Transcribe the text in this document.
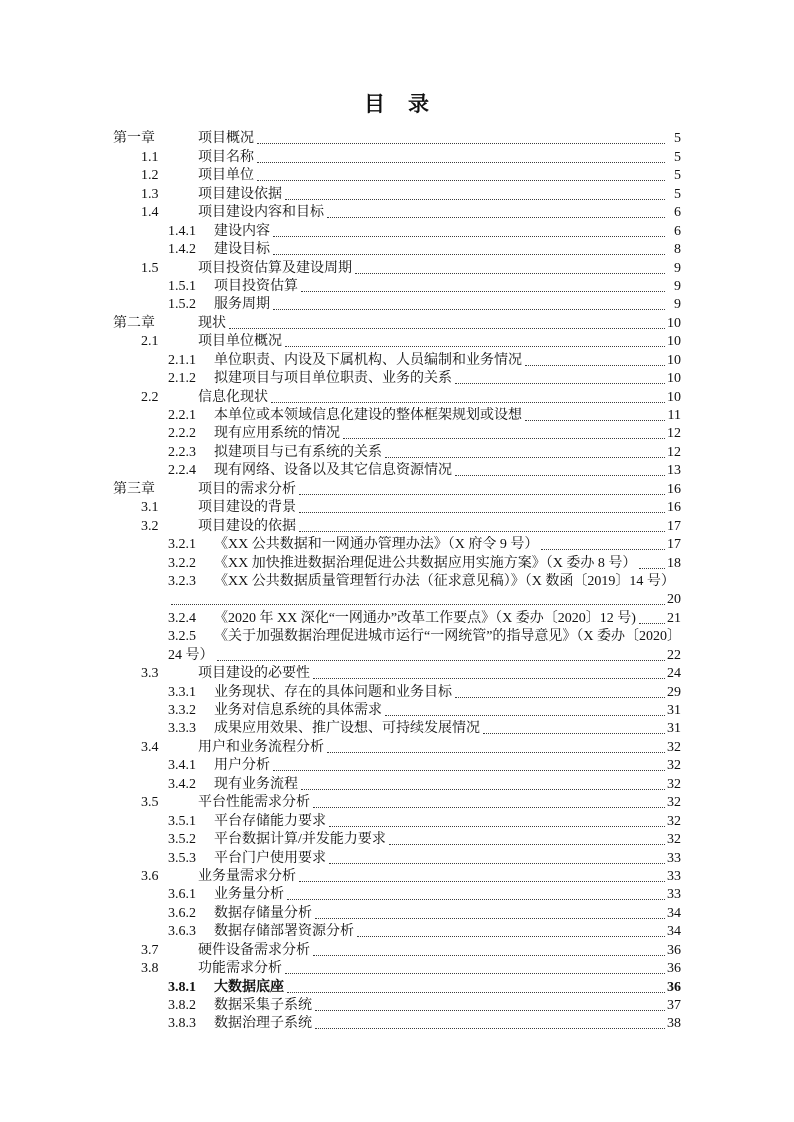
目　录
第一章	项目概况	5
1.1	项目名称	5
1.2	项目单位	5
1.3	项目建设依据	5
1.4	项目建设内容和目标	6
1.4.1	建设内容	6
1.4.2	建设目标	8
1.5	项目投资估算及建设周期	9
1.5.1	项目投资估算	9
1.5.2	服务周期	9
第二章	现状	10
2.1	项目单位概况	10
2.1.1	单位职责、内设及下属机构、人员编制和业务情况	10
2.1.2	拟建项目与项目单位职责、业务的关系	10
2.2	信息化现状	10
2.2.1	本单位或本领域信息化建设的整体框架规划或设想	11
2.2.2	现有应用系统的情况	12
2.2.3	拟建项目与已有系统的关系	12
2.2.4	现有网络、设备以及其它信息资源情况	13
第三章	项目的需求分析	16
3.1	项目建设的背景	16
3.2	项目建设的依据	17
3.2.1	《XX 公共数据和一网通办管理办法》（X 府令 9 号）	17
3.2.2	《XX 加快推进数据治理促进公共数据应用实施方案》（X 委办 8 号） 18
3.2.3	《XX 公共数据质量管理暂行办法（征求意见稿）》（X 数函〔2019〕14 号）
20
3.2.4	《2020 年 XX 深化“一网通办”改革工作要点》（X 委办〔2020〕12 号) 21
3.2.5	《关于加强数据治理促进城市运行“一网统管”的指导意见》（X 委办〔2020〕
24 号）	22
3.3	项目建设的必要性	24
3.3.1	业务现状、存在的具体问题和业务目标	29
3.3.2	业务对信息系统的具体需求	31
3.3.3	成果应用效果、推广设想、可持续发展情况	31
3.4	用户和业务流程分析	32
3.4.1	用户分析	32
3.4.2	现有业务流程	32
3.5	平台性能需求分析	32
3.5.1	平台存储能力要求	32
3.5.2	平台数据计算/并发能力要求	32
3.5.3	平台门户使用要求	33
3.6	业务量需求分析	33
3.6.1	业务量分析	33
3.6.2	数据存储量分析	34
3.6.3	数据存储部署资源分析	34
3.7	硬件设备需求分析	36
3.8	功能需求分析	36
3.8.1	大数据底座	36
3.8.2	数据采集子系统	37
3.8.3	数据治理子系统	38
